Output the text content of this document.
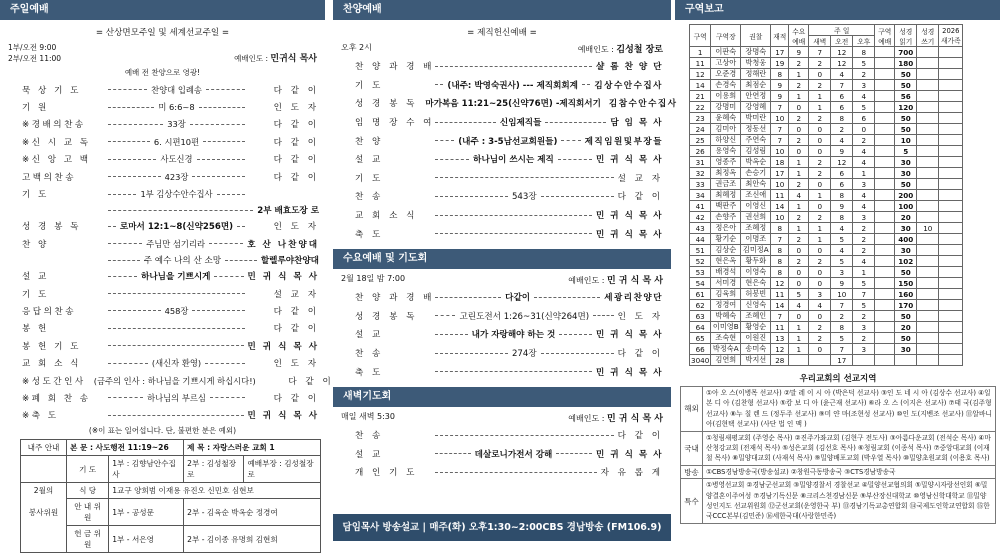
주일예배
= 산상면모주일 및 세계선교주일 =
1부/오전 9:00
2부/오전 11:00	예배인도 : 민귀식 목사
예배 전 찬양으로 영광!
묵 상 기 도	찬양대 입례송	다 같 이
기 원	미 6:6~8	인 도 자
※경배의찬송	33장	다 같 이
※신 시 교 독	6. 시편10편	다 같 이
※신 앙 고 백	사도신경	다 같 이
고백의찬송	423장	다 같 이
기 도	1부 김상수안수집사
2부 배효도장 로
성 경 봉 독	로마서 12:1~8(신약256면)	인 도 자
찬 양	주님만 섬기리라	호 산 나찬양대
주 예수 나의 산 소망	할렐루야찬양대
설 교	하나님을 기쁘시게	민 귀 식 목 사
기 도	설 교 자
응답의찬송	458장	다 같 이
봉 헌	다 같 이
봉 헌 기 도	민 귀 식 목 사
교 회 소 식	(새신자 환영)	인 도 자
※성도간인사 (금주의 인사 : 하나님을 기쁘시게 하십시다!)	다 같 이
※폐 회 찬 송	하나님의 부르심	다 같 이
※축 도	민 귀 식 목 사
(※이 표는 일어섭니다. 단, 불편한 분은 예외)
내주 안내	본 문 : 사도행전 11:19~26		제 목 : 자랑스러운 교회 1	
	기 도	1부 : 김향남안수집사	2부 : 김성철장로	예배부장 : 김성철장로
2월의	식 당	1교구 양희범 이재용 유진오 신민호 심현보		
봉사위원	안 내 위 원	1부 - 공성문	2부 - 김육순 박옥순 정경여	
	헌 금 위 원	1부 - 서은영	2부 - 김이종 유명희 김현희	
찬양예배
= 제직헌신예배 =
오후 2시	예배인도 : 김성철 장로
찬 양 과 경 배	샬 롬 찬 양 단
기 도	(내주: 박영숙권사) --- 제직회회계 김상수안수집사
성 경 봉 독 마가복음 11:21~25(신약76면) -제직회서기 김참수안수집사
임 명 장 수 여	신임제직들	담 임 목 사
찬 양	(내주 : 3-5남선교회원들)	제직임원및부장들
설 교	하나님이 쓰시는 제직	민 귀 식 목 사
기 도	설 교 자
찬 송	543장	다 같 이
교 회 소 식	민 귀 식 목 사
축 도	민 귀 식 목 사
수요예배 및 기도회
2월 18일 밤 7:00	예배인도 : 민 귀 식 목 사
찬 양 과 경 배	다같이	세광리찬양단
성 경 봉 독	고린도전서 1:26~31(신약264면)	인 도 자
설 교	내가 자랑해야 하는 것	민 귀 식 목 사
찬 송	274장	다 같 이
축 도	민 귀 식 목 사
새벽기도회
매일 새벽 5:30	예배인도 : 민 귀 식 목 사
찬 송	다 같 이
설 교	데살로니가전서 강해	민 귀 식 목 사
개 인 기 도	자 유 롭 게
담임목사 방송설교 | 매주(화) 오후1:30~2:00CBS 경남방송 (FM106.9)
구역보고
구역	구역장	권찰	재적	수요예배	주 일			구역예배	성경읽기	성경쓰기	2026새가족
					새벽	오전	오후				
1	이판숙	장명숙	17	9	7	12	8		700		
11	고상아	박청웅	19	2	2	12	5		180		
12	오준경	정해란	8	1	0	4	2		50		
14	손경숙	최점순	9	2	2	7	3		50		
21	이용희	안연정	9	1	1	6	4		56		
22	강명미	강영혜	7	0	1	6	5		120		
23	윤혜숙	박미란	10	2	2	8	6		50		
24	김미아	정동선	7	0	0	2	0		50		
25	하양신	주연숙	7	2	0	4	2		10		
26	용영숙	김성림	10	0	0	9	4		5		
31	영종주	박옥순	18	1	2	12	4		30		
32	최정옥	손승기	17	1	2	6	1		30		
33	권금조	최안숙	10	2	0	6	3		50		
34	최혜정	조신애	11	4	1	8	4		200		
41	백판주	이영신	14	1	0	9	4		100		
42	손향주	권선희	10	2	2	8	3		20		
43	정은아	조혜정	8	1	1	4	2		30	10	
44	황기순	이명조	7	2	1	5	2		400		
51	김상순	김미정A	8	0	0	4	2		30		
52	현은옥	황두화	8	2	2	5	4		102		
53	배경석	이영숙	8	0	0	3	1		50		
54	서미경	현은숙	12	0	0	9	5		150		
61	김육희	허봉빈	11	5	3	10	7		160		
62	정경여	신영숙	14	4	4	7	5		170		
63	박혜숙	조혜인	7	0	0	2	2		50		
64	이미영B	황영순	11	1	2	8	3		20		
65	조숙현	이원진	13	1	2	5	2		50		
66	박정숙A	송미숙	12	1	0	7	3		30		
3040	김연희	박지선	28			17					
우리교회의 선교지역
해외
①아 오 스(이병목 선교사) ②말 레 이 시 아 (박은덕 선교사) ③인 도 네 시 아 (김상수 선교사) ④일 본 디 아 (김찬형 선교사) ⑤캄 보 디 아 (윤근재 선교사) ⑥라 오 스 (이지은 선교사) ⑦태 국(김주형 선교사) ⑧누 칠 렌 드 (정두주 선교사) ⑨미 얀 마(조현성 선교사) ⑩인 도(지벤조 선교사) ⑪알바니아(김현택 선교사) (사단 법 인 맥 )
국내
①청림새평교회 (주영순 목사) ②진주가좌교회 (김현구 전도사) ③아름다운교회 (전석순 목사) ④마산청강교회 (전재석 목사) ⑤성은교회 (김선호 목사) ⑥청림교회 (이종석 목사) ⑦중앙대교회 (이재철 목사) ⑧밀양대교회 (사재석 목사) ⑨밀양배포교회 (박우열 목사) ⑩밀양초원교회 (이용호 목사)
방송	①CBS경남방송국(방송설교) ②창원극동방송국 ③CTS경남방송국
특수
①병영선교회 ②경남군선교회 ③밀양경찰서 경찰선교 ④밀양선교협의회 ⑤밀양시자랑선인회 ⑥밀양결혼이주여성 ⑦경남기독신문 ⑧크리스천경남신문 ⑨부산장신대학교 ⑩영남신학대학교 ⑪밀양성인지도 선교위원회 ⑫군선교회(운영한국 부) ⑬경남기독교총연합회 ⑭국제도인학교연합회 ⑮한국CCC본부(김민준) ⑯세한국대(사랑한민족)
